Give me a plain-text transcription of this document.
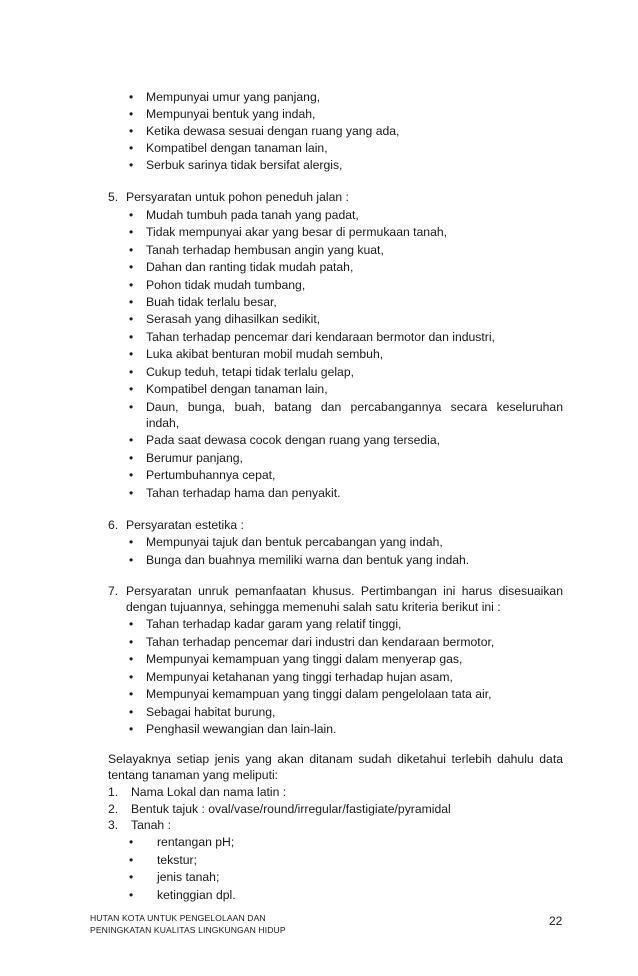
• Mempunyai umur yang panjang,
• Mempunyai bentuk yang indah,
• Ketika dewasa sesuai dengan ruang yang ada,
• Kompatibel dengan tanaman lain,
• Serbuk sarinya tidak bersifat alergis,
5. Persyaratan untuk pohon peneduh jalan :
• Mudah tumbuh pada tanah yang padat,
• Tidak mempunyai akar yang besar di permukaan tanah,
• Tanah terhadap hembusan angin yang kuat,
• Dahan dan ranting tidak mudah patah,
• Pohon tidak mudah tumbang,
• Buah tidak terlalu besar,
• Serasah yang dihasilkan sedikit,
• Tahan terhadap pencemar dari kendaraan bermotor dan industri,
• Luka akibat benturan mobil mudah sembuh,
• Cukup teduh, tetapi tidak terlalu gelap,
• Kompatibel dengan tanaman lain,
• Daun, bunga, buah, batang dan percabangannya secara keseluruhan
indah,
• Pada saat dewasa cocok dengan ruang yang tersedia,
• Berumur panjang,
• Pertumbuhannya cepat,
• Tahan terhadap hama dan penyakit.
6. Persyaratan estetika :
• Mempunyai tajuk dan bentuk percabangan yang indah,
• Bunga dan buahnya memiliki warna dan bentuk yang indah.
7. Persyaratan unruk pemanfaatan khusus. Pertimbangan ini harus disesuaikan
dengan tujuannya, sehingga memenuhi salah satu kriteria berikut ini :
• Tahan terhadap kadar garam yang relatif tinggi,
• Tahan terhadap pencemar dari industri dan kendaraan bermotor,
• Mempunyai kemampuan yang tinggi dalam menyerap gas,
• Mempunyai ketahanan yang tinggi terhadap hujan asam,
• Mempunyai kemampuan yang tinggi dalam pengelolaan tata air,
• Sebagai habitat burung,
• Penghasil wewangian dan lain-lain.
Selayaknya setiap jenis yang akan ditanam sudah diketahui terlebih dahulu data
tentang tanaman yang meliputi:
1. Nama Lokal dan nama latin :
2. Bentuk tajuk : oval/vase/round/irregular/fastigiate/pyramidal
3. Tanah :
• rentangan pH;
• tekstur;
• jenis tanah;
• ketinggian dpl.
HUTAN KOTA UNTUK PENGELOLAAN DAN
PENINGKATAN KUALITAS LINGKUNGAN HIDUP
22
